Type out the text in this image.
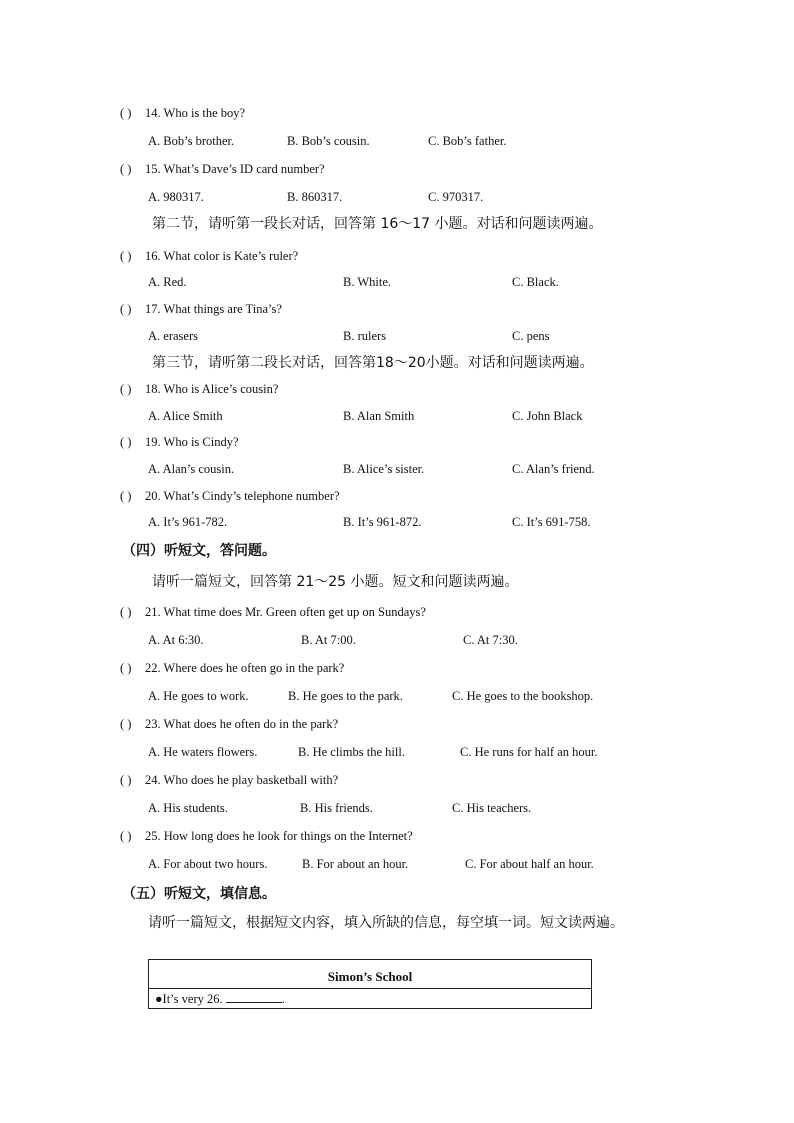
( ) 14. Who is the boy?
A. Bob’s brother.	B. Bob’s cousin.	C. Bob’s father.
( ) 15. What’s Dave’s ID card number?
A. 980317.	B. 860317.	C. 970317.
第二节，请听第一段长对话，回答第 16～17 小题。对话和问题读两遍。
( ) 16. What color is Kate’s ruler?
A. Red.	B. White.	C. Black.
( ) 17. What things are Tina’s?
A. erasers	B. rulers	C. pens
第三节，请听第二段长对话，回答第18～20小题。对话和问题读两遍。
( ) 18. Who is Alice’s cousin?
A. Alice Smith	B. Alan Smith	C. John Black
( ) 19. Who is Cindy?
A. Alan’s cousin.	B. Alice’s sister.	C. Alan’s friend.
( ) 20. What’s Cindy’s telephone number?
A. It’s 961-782.	B. It’s 961-872.	C. It’s 691-758.
（四）听短文，答问题。
请听一篇短文，回答第 21～25 小题。短文和问题读两遍。
( ) 21. What time does Mr. Green often get up on Sundays?
A. At 6:30.	B. At 7:00.	C. At 7:30.
( ) 22. Where does he often go in the park?
A. He goes to work.	B. He goes to the park.	C. He goes to the bookshop.
( ) 23. What does he often do in the park?
A. He waters flowers.	B. He climbs the hill.	C. He runs for half an hour.
( ) 24. Who does he play basketball with?
A. His students.	B. His friends.	C. His teachers.
( ) 25. How long does he look for things on the Internet?
A. For about two hours.	B. For about an hour.	C. For about half an hour.
（五）听短文，填信息。
请听一篇短文，根据短文内容，填入所缺的信息，每空填一词。短文读两遍。
Simon’s School
●It’s very 26.	.
